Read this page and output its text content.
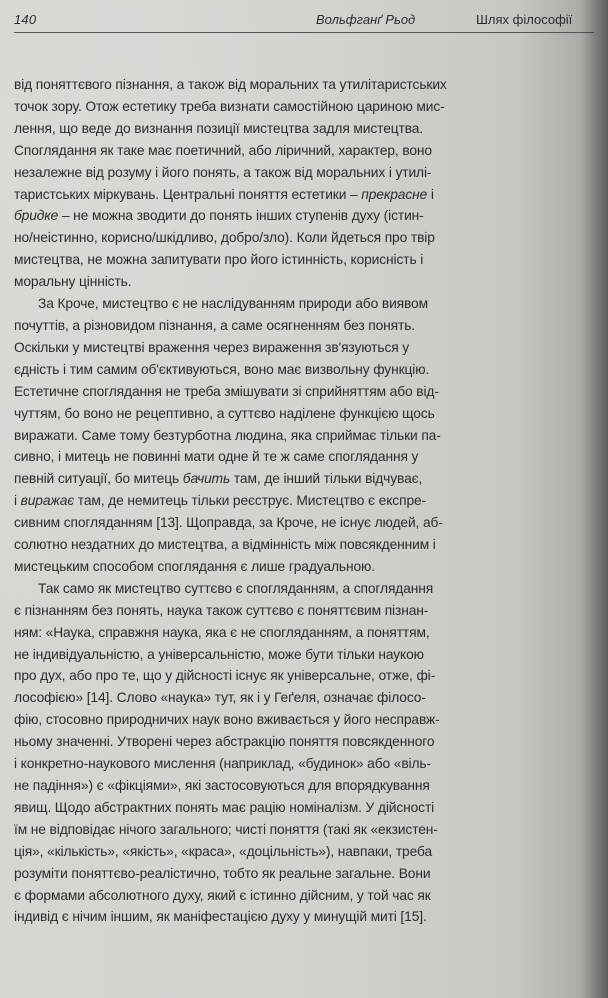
140	Вольфганґ Рьод	Шлях філософії
від поняттєвого пізнання, а також від моральних та утилітаристських
точок зору. Отож естетику треба визнати самостійною цариною мис-
лення, що веде до визнання позиції мистецтва задля мистецтва.
Споглядання як таке має поетичний, або ліричний, характер, воно
незалежне від розуму і його понять, а також від моральних і утилі-
таристських міркувань. Центральні поняття естетики – прекрасне і
бридке – не можна зводити до понять інших ступенів духу (істин-
но/неістинно, корисно/шкідливо, добро/зло). Коли йдеться про твір
мистецтва, не можна запитувати про його істинність, корисність і
моральну цінність.
За Кроче, мистецтво є не наслідуванням природи або виявом
почуттів, а різновидом пізнання, а саме осягненням без понять.
Оскільки у мистецтві враження через вираження зв'язуються у
єдність і тим самим об'єктивуються, воно має визвольну функцію.
Естетичне споглядання не треба змішувати зі сприйняттям або від-
чуттям, бо воно не рецептивно, а суттєво наділене функцією щось
виражати. Саме тому безтурботна людина, яка сприймає тільки па-
сивно, і митець не повинні мати одне й те ж саме споглядання у
певній ситуації, бо митець бачить там, де інший тільки відчуває,
і виражає там, де немитець тільки реєструє. Мистецтво є експре-
сивним спогляданням [13]. Щоправда, за Кроче, не існує людей, аб-
солютно нездатних до мистецтва, а відмінність між повсякденним і
мистецьким способом споглядання є лише градуальною.
Так само як мистецтво суттєво є спогляданням, а споглядання
є пізнанням без понять, наука також суттєво є поняттєвим пізнан-
ням: «Наука, справжня наука, яка є не спогляданням, а поняттям,
не індивідуальністю, а універсальністю, може бути тільки наукою
про дух, або про те, що у дійсності існує як універсальне, отже, фі-
лософією» [14]. Слово «наука» тут, як і у Геґеля, означає філосо-
фію, стосовно природничих наук воно вживається у його несправж-
ньому значенні. Утворені через абстракцію поняття повсякденного
і конкретно-наукового мислення (наприклад, «будинок» або «віль-
не падіння») є «фікціями», які застосовуються для впорядкування
явищ. Щодо абстрактних понять має рацію номіналізм. У дійсності
їм не відповідає нічого загального; чисті поняття (такі як «екзистен-
ція», «кількість», «якість», «краса», «доцільність»), навпаки, треба
розуміти поняттєво-реалістично, тобто як реальне загальне. Вони
є формами абсолютного духу, який є істинно дійсним, у той час як
індивід є нічим іншим, як маніфестацією духу у минущій миті [15].
